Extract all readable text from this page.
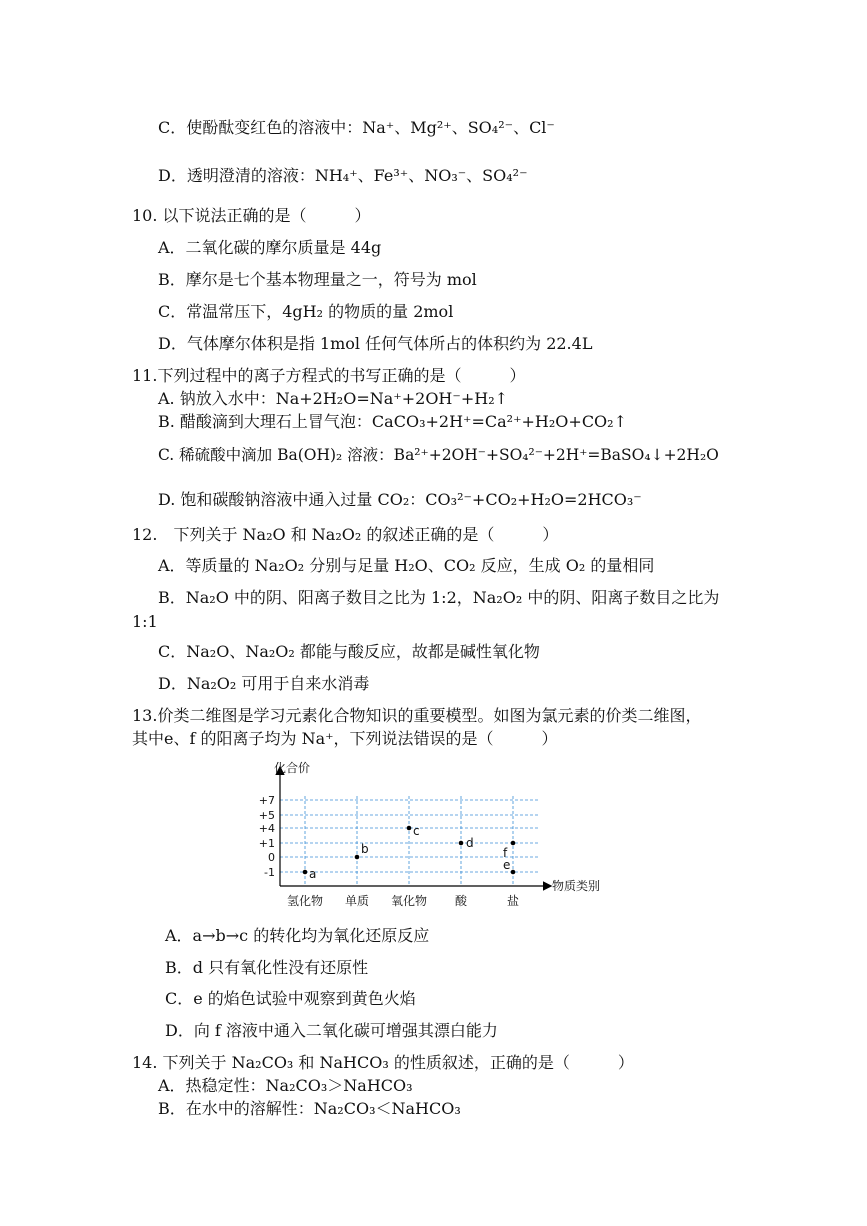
C．使酚酞变红色的溶液中：Na⁺、Mg²⁺、SO₄²⁻、Cl⁻
D．透明澄清的溶液：NH₄⁺、Fe³⁺、NO₃⁻、SO₄²⁻
10. 以下说法正确的是（　　　）
A．二氧化碳的摩尔质量是 44g
B．摩尔是七个基本物理量之一，符号为 mol
C．常温常压下，4gH₂ 的物质的量 2mol
D．气体摩尔体积是指 1mol 任何气体所占的体积约为 22.4L
11.下列过程中的离子方程式的书写正确的是（　　　）
A. 钠放入水中：Na+2H₂O=Na⁺+2OH⁻+H₂↑
B. 醋酸滴到大理石上冒气泡：CaCO₃+2H⁺=Ca²⁺+H₂O+CO₂↑
C. 稀硫酸中滴加 Ba(OH)₂ 溶液：Ba²⁺+2OH⁻+SO₄²⁻+2H⁺=BaSO₄↓+2H₂O
D. 饱和碳酸钠溶液中通入过量 CO₂：CO₃²⁻+CO₂+H₂O=2HCO₃⁻
12.　下列关于 Na₂O 和 Na₂O₂ 的叙述正确的是（　　　）
A．等质量的 Na₂O₂ 分别与足量 H₂O、CO₂ 反应，生成 O₂ 的量相同
B．Na₂O 中的阴、阳离子数目之比为 1:2，Na₂O₂ 中的阴、阳离子数目之比为
1:1
C．Na₂O、Na₂O₂ 都能与酸反应，故都是碱性氧化物
D．Na₂O₂ 可用于自来水消毒
13.价类二维图是学习元素化合物知识的重要模型。如图为氯元素的价类二维图，
其中e、f 的阳离子均为 Na⁺，下列说法错误的是（　　　）
化合价
物质类别
+7
+5
+4
+1
0
-1
氢化物 单质 氧化物 酸	盐
a
b
c
d
e
f
A．a→b→c 的转化均为氧化还原反应
B．d 只有氧化性没有还原性
C．e 的焰色试验中观察到黄色火焰
D．向 f 溶液中通入二氧化碳可增强其漂白能力
14. 下列关于 Na₂CO₃ 和 NaHCO₃ 的性质叙述，正确的是（　　　）
A．热稳定性：Na₂CO₃＞NaHCO₃
B．在水中的溶解性：Na₂CO₃＜NaHCO₃
